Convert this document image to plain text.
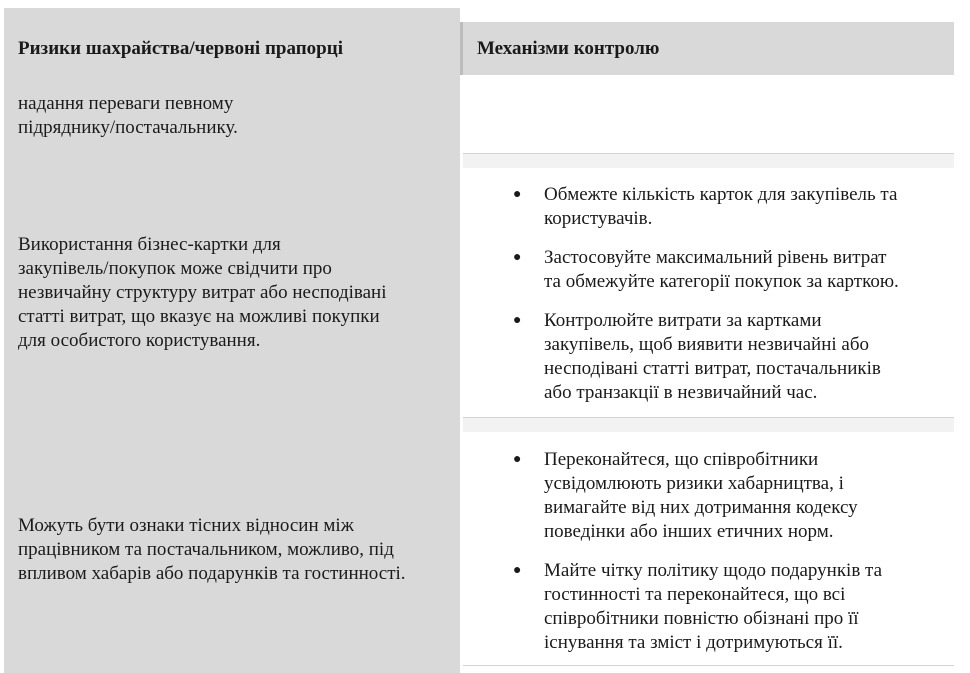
Ризики шахрайства/червоні прапорці	Механізми контролю
надання переваги певному
підряднику/постачальнику.
Використання бізнес-картки для
закупівель/покупок може свідчити про
незвичайну структуру витрат або несподівані
статті витрат, що вказує на можливі покупки
для особистого користування.
● Обмежте кількість карток для закупівель та
користувачів.
● Застосовуйте максимальний рівень витрат
та обмежуйте категорії покупок за карткою.
● Контролюйте витрати за картками
закупівель, щоб виявити незвичайні або
несподівані статті витрат, постачальників
або транзакції в незвичайний час.
Можуть бути ознаки тісних відносин між
працівником та постачальником, можливо, під
впливом хабарів або подарунків та гостинності.
● Переконайтеся, що співробітники
усвідомлюють ризики хабарництва, і
вимагайте від них дотримання кодексу
поведінки або інших етичних норм.
● Майте чітку політику щодо подарунків та
гостинності та переконайтеся, що всі
співробітники повністю обізнані про її
існування та зміст і дотримуються її.
